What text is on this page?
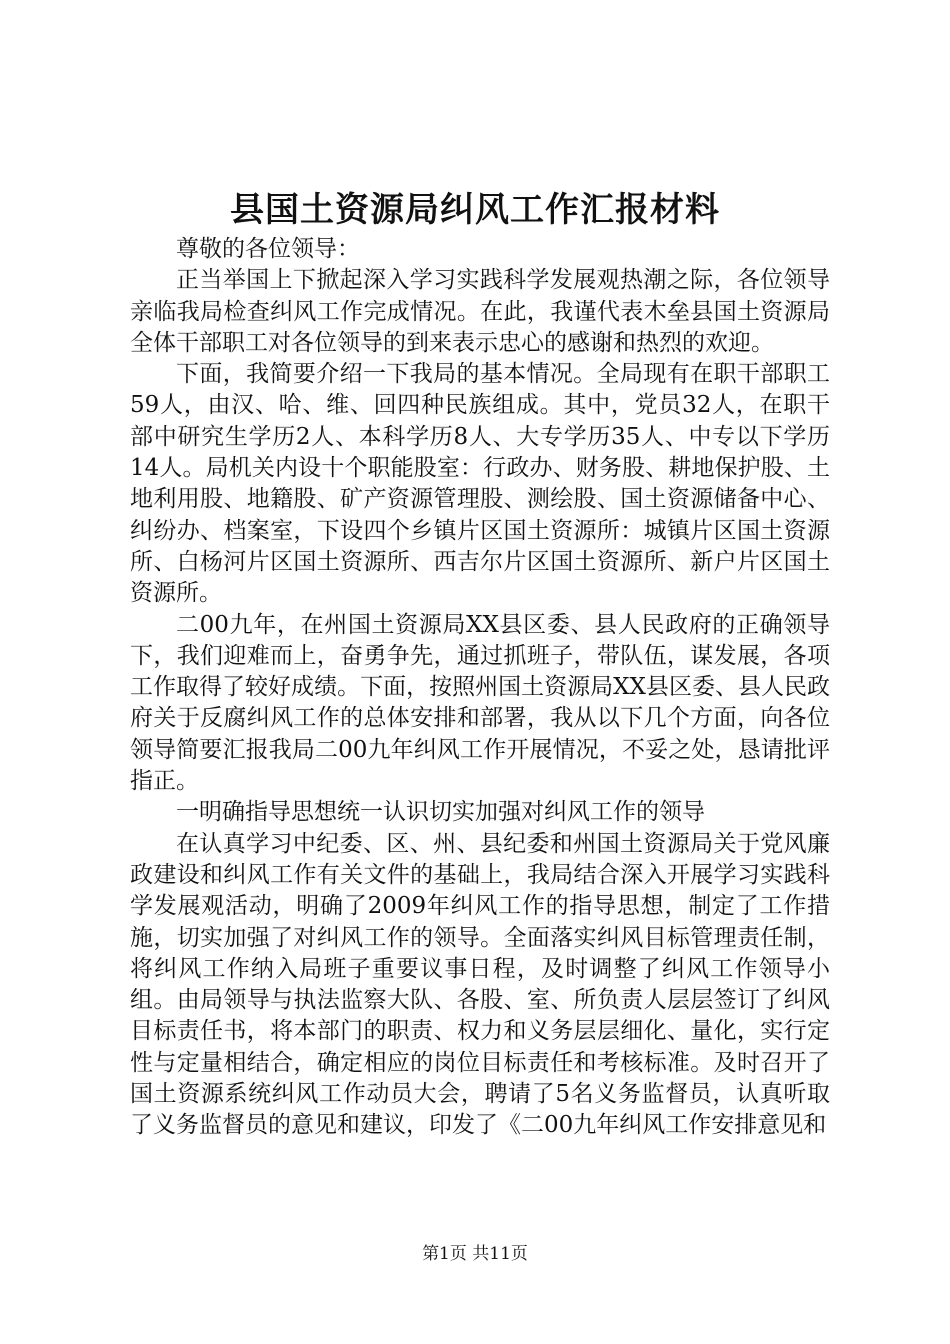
县国土资源局纠风工作汇报材料

尊敬的各位领导：

正当举国上下掀起深入学习实践科学发展观热潮之际，各位领导亲临我局检查纠风工作完成情况。在此，我谨代表木垒县国土资源局全体干部职工对各位领导的到来表示忠心的感谢和热烈的欢迎。

下面，我简要介绍一下我局的基本情况。全局现有在职干部职工59人，由汉、哈、维、回四种民族组成。其中，党员32人，在职干部中研究生学历2人、本科学历8人、大专学历35人、中专以下学历14人。局机关内设十个职能股室：行政办、财务股、耕地保护股、土地利用股、地籍股、矿产资源管理股、测绘股、国土资源储备中心、纠纷办、档案室，下设四个乡镇片区国土资源所：城镇片区国土资源所、白杨河片区国土资源所、西吉尔片区国土资源所、新户片区国土资源所。

二00九年，在州国土资源局XX县区委、县人民政府的正确领导下，我们迎难而上，奋勇争先，通过抓班子，带队伍，谋发展，各项工作取得了较好成绩。下面，按照州国土资源局XX县区委、县人民政府关于反腐纠风工作的总体安排和部署，我从以下几个方面，向各位领导简要汇报我局二00九年纠风工作开展情况，不妥之处，恳请批评指正。

一明确指导思想统一认识切实加强对纠风工作的领导

在认真学习中纪委、区、州、县纪委和州国土资源局关于党风廉政建设和纠风工作有关文件的基础上，我局结合深入开展学习实践科学发展观活动，明确了2009年纠风工作的指导思想，制定了工作措施，切实加强了对纠风工作的领导。全面落实纠风目标管理责任制，将纠风工作纳入局班子重要议事日程，及时调整了纠风工作领导小组。由局领导与执法监察大队、各股、室、所负责人层层签订了纠风目标责任书，将本部门的职责、权力和义务层层细化、量化，实行定性与定量相结合，确定相应的岗位目标责任和考核标准。及时召开了国土资源系统纠风工作动员大会，聘请了5名义务监督员，认真听取了义务监督员的意见和建议，印发了《二00九年纠风工作安排意见和

第1页 共11页
